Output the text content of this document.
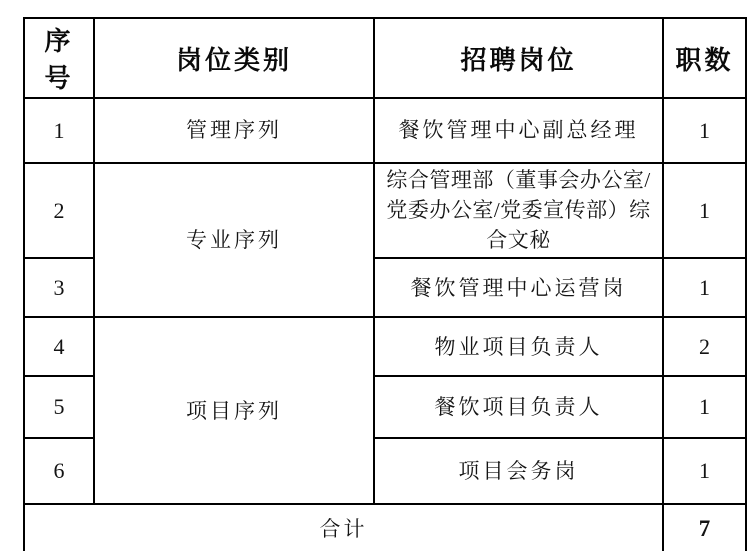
序号	岗位类别	招聘岗位	职数
1	管理序列	餐饮管理中心副总经理	1
2	专业序列	综合管理部（董事会办公室/党委办公室/党委宣传部）综合文秘	1
3		餐饮管理中心运营岗	1
4	项目序列	物业项目负责人	2
5		餐饮项目负责人	1
6		项目会务岗	1
合计			7
